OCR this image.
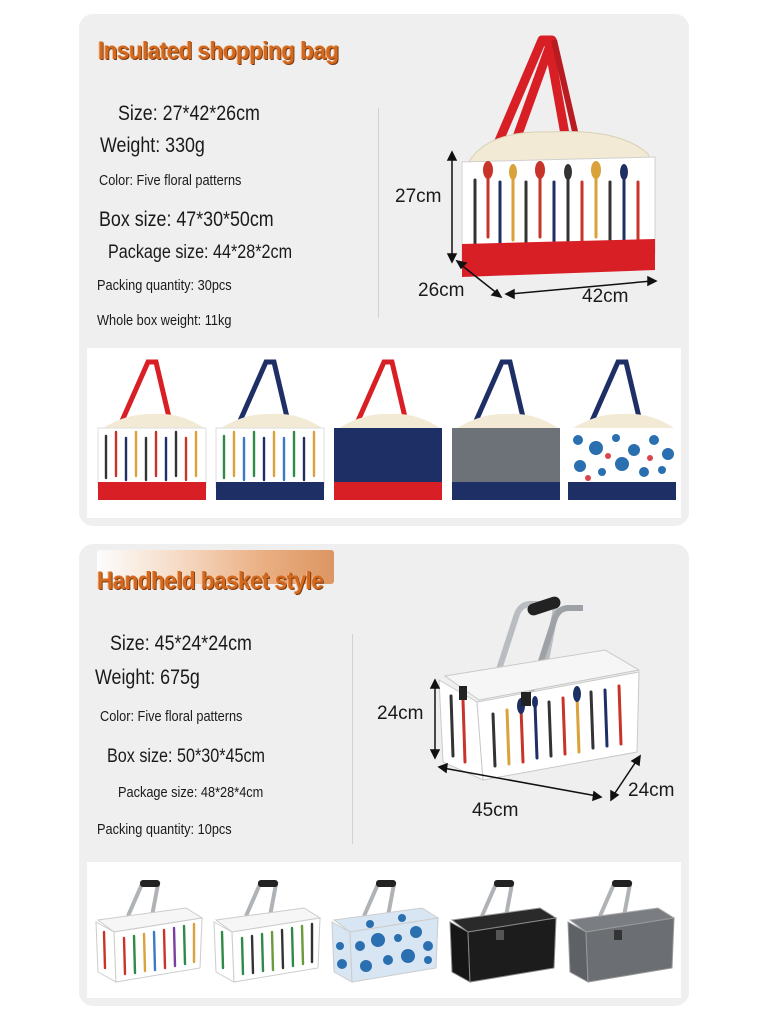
Insulated shopping bag
Size: 27*42*26cm
Weight: 330g
Color: Five floral patterns
Box size: 47*30*50cm
Package size: 44*28*2cm
Packing quantity: 30pcs
Whole box weight: 11kg
27cm
26cm	42cm
Handheld basket style
Size: 45*24*24cm
Weight: 675g
Color: Five floral patterns
Box size: 50*30*45cm
Package size: 48*28*4cm
Packing quantity: 10pcs
24cm
45cm
24cm
